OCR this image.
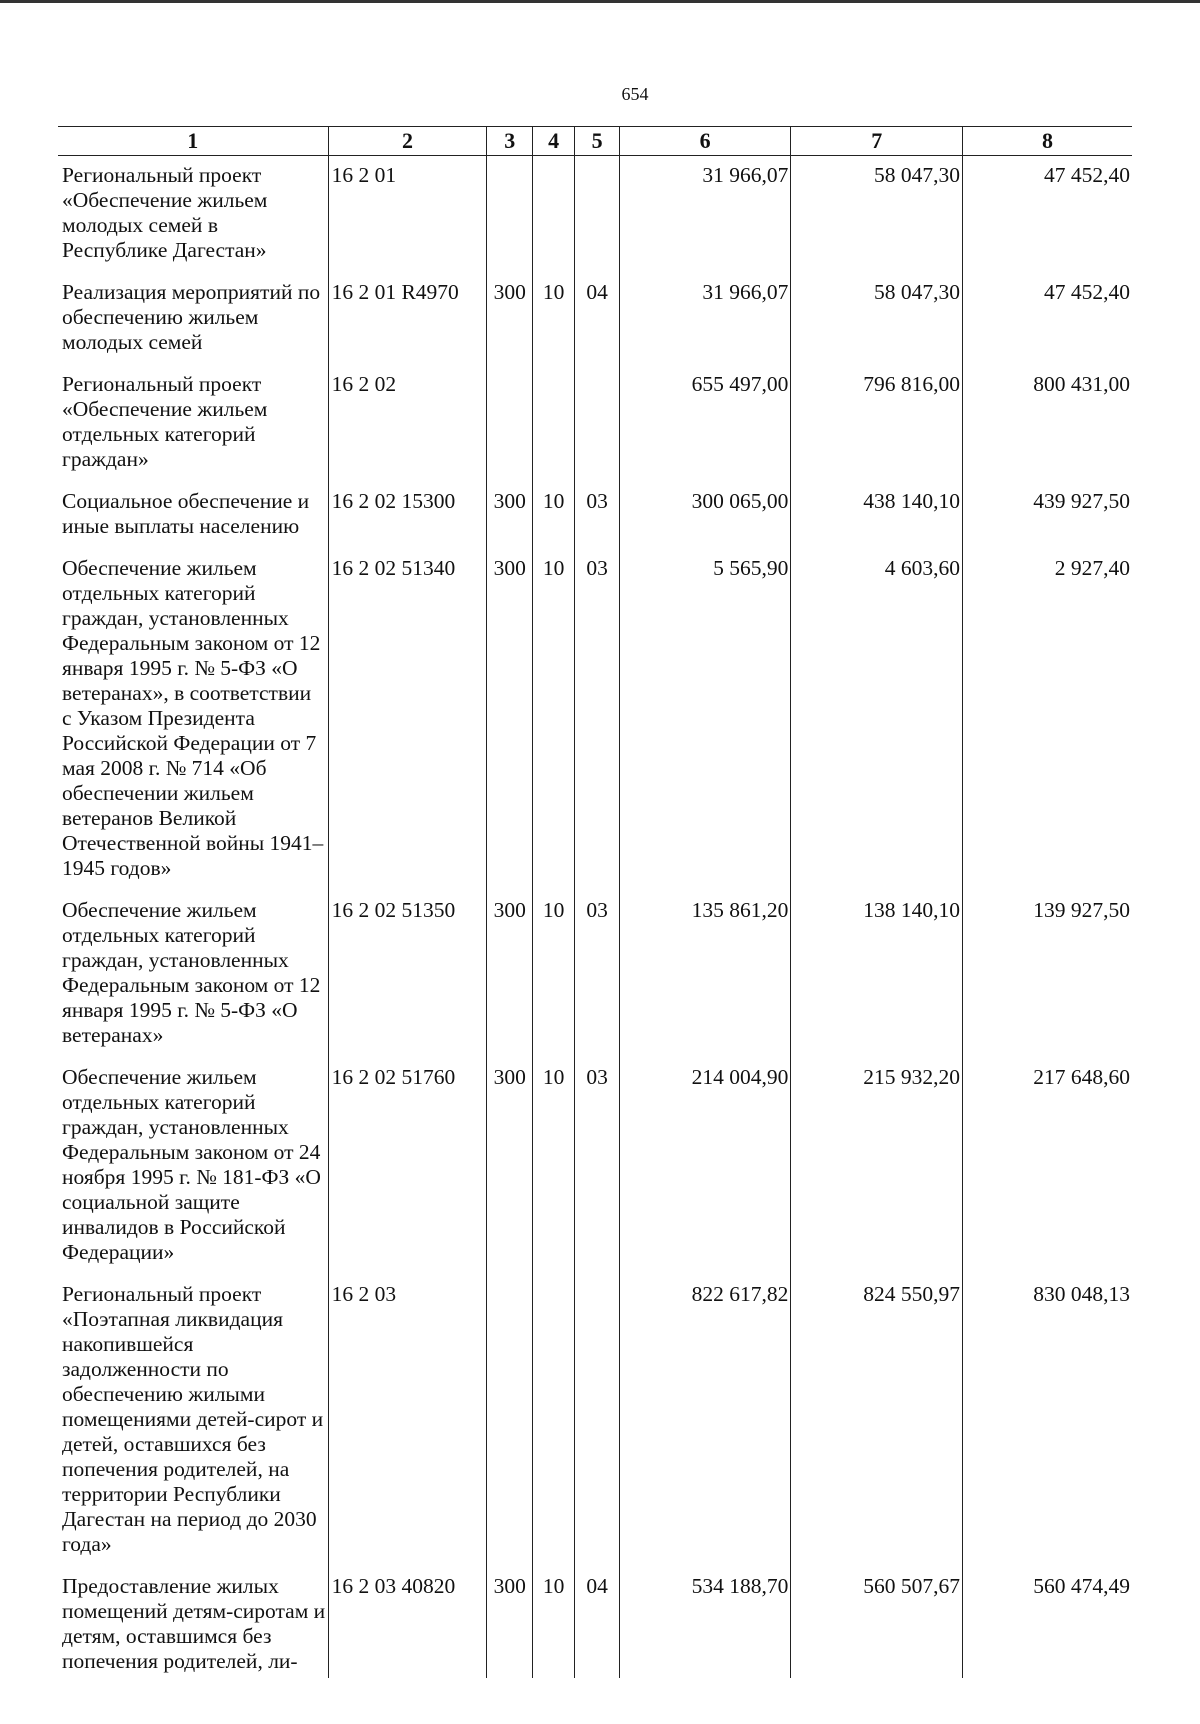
654
1	2	3	4	5	6	7	8
Региональный проект «Обеспечение жильем молодых семей в Республике Дагестан»	16 2 01				31 966,07	58 047,30	47 452,40
Реализация мероприятий по обеспечению жильем молодых семей	16 2 01 R4970	300	10	04	31 966,07	58 047,30	47 452,40
Региональный проект «Обеспечение жильем отдельных категорий граждан»	16 2 02				655 497,00	796 816,00	800 431,00
Социальное обеспечение и иные выплаты населению	16 2 02 15300	300	10	03	300 065,00	438 140,10	439 927,50
Обеспечение жильем отдельных категорий граждан, установленных Федеральным законом от 12 января 1995 г. № 5-ФЗ «О ветеранах», в соответствии с Указом Президента Российской Федерации от 7 мая 2008 г. № 714 «Об обеспечении жильем ветеранов Великой Отечественной войны 1941–1945 годов»	16 2 02 51340	300	10	03	5 565,90	4 603,60	2 927,40
Обеспечение жильем отдельных категорий граждан, установленных Федеральным законом от 12 января 1995 г. № 5-ФЗ «О ветеранах»	16 2 02 51350	300	10	03	135 861,20	138 140,10	139 927,50
Обеспечение жильем отдельных категорий граждан, установленных Федеральным законом от 24 ноября 1995 г. № 181-ФЗ «О социальной защите инвалидов в Российской Федерации»	16 2 02 51760	300	10	03	214 004,90	215 932,20	217 648,60
Региональный проект «Поэтапная ликвидация накопившейся задолженности по обеспечению жилыми помещениями детей-сирот и детей, оставшихся без попечения родителей, на территории Республики Дагестан на период до 2030 года»	16 2 03				822 617,82	824 550,97	830 048,13
Предоставление жилых помещений детям-сиротам и детям, оставшимся без попечения родителей, ли-	16 2 03 40820	300	10	04	534 188,70	560 507,67	560 474,49
